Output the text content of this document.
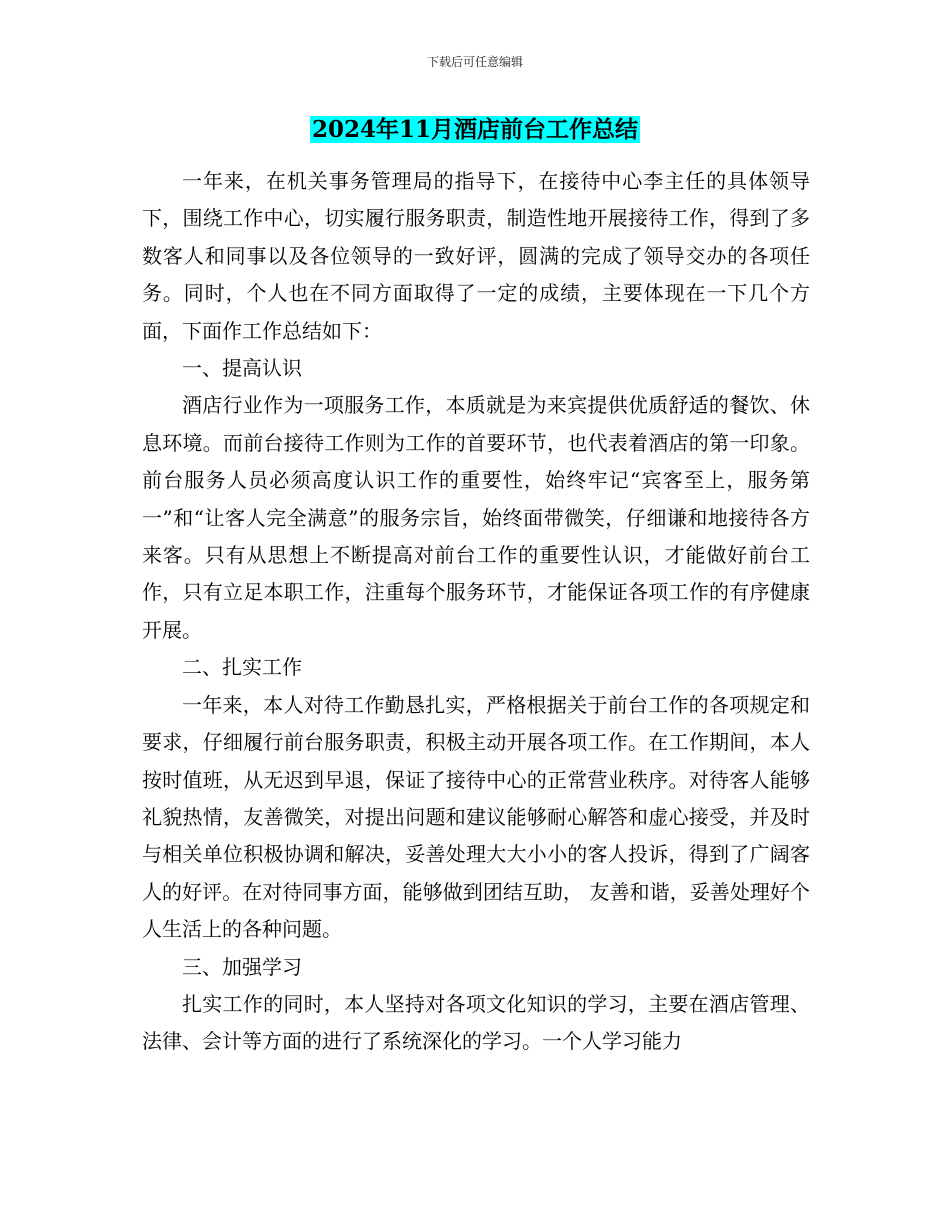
下载后可任意编辑
2024年11月酒店前台工作总结

一年来，在机关事务管理局的指导下，在接待中心李主任的具体领导下，围绕工作中心，切实履行服务职责，制造性地开展接待工作，得到了多数客人和同事以及各位领导的一致好评，圆满的完成了领导交办的各项任务。同时，个人也在不同方面取得了一定的成绩，主要体现在一下几个方面，下面作工作总结如下：

一、提高认识

酒店行业作为一项服务工作，本质就是为来宾提供优质舒适的餐饮、休息环境。而前台接待工作则为工作的首要环节，也代表着酒店的第一印象。前台服务人员必须高度认识工作的重要性，始终牢记“宾客至上，服务第一”和“让客人完全满意”的服务宗旨，始终面带微笑，仔细谦和地接待各方来客。只有从思想上不断提高对前台工作的重要性认识，才能做好前台工作，只有立足本职工作，注重每个服务环节，才能保证各项工作的有序健康开展。

二、扎实工作

一年来，本人对待工作勤恳扎实，严格根据关于前台工作的各项规定和要求，仔细履行前台服务职责，积极主动开展各项工作。在工作期间，本人按时值班，从无迟到早退，保证了接待中心的正常营业秩序。对待客人能够礼貌热情，友善微笑，对提出问题和建议能够耐心解答和虚心接受，并及时与相关单位积极协调和解决，妥善处理大大小小的客人投诉，得到了广阔客人的好评。在对待同事方面，能够做到团结互助， 友善和谐，妥善处理好个人生活上的各种问题。

三、加强学习

扎实工作的同时，本人坚持对各项文化知识的学习，主要在酒店管理、法律、会计等方面的进行了系统深化的学习。一个人学习能力
